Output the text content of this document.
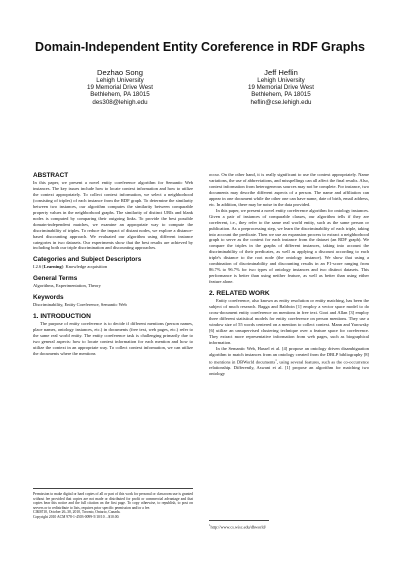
Domain-Independent Entity Coreference in RDF Graphs
Dezhao Song
Lehigh University
19 Memorial Drive West
Bethlehem, PA 18015
des308@lehigh.edu
Jeff Heflin
Lehigh University
19 Memorial Drive West
Bethlehem, PA 18015
heflin@cse.lehigh.edu
ABSTRACT

In this paper, we present a novel entity coreference algorithm for Semantic Web instances. The key issues include how to locate context information and how to utilize the context appropriately. To collect context information, we select a neighborhood (consisting of triples) of each instance from the RDF graph. To determine the similarity between two instances, our algorithm computes the similarity between comparable property values in the neighborhood graphs. The similarity of distinct URIs and blank nodes is computed by comparing their outgoing links. To provide the best possible domain-independent matches, we examine an appropriate way to compute the discriminability of triples. To reduce the impact of distant nodes, we explore a distance-based discounting approach. We evaluated our algorithm using different instance categories in two datasets. Our experiments show that the best results are achieved by including both our triple discrimination and discounting approaches.

Categories and Subject Descriptors

I.2.6 [Learning]: Knowledge acquisition

General Terms

Algorithms, Experimentation, Theory

Keywords

Discriminability, Entity Coreference, Semantic Web

1. INTRODUCTION

The purpose of entity coreference is to decide if different mentions (person names, place names, ontology instances, etc.) in documents (free text, web pages, etc.) refer to the same real world entity. The entity coreference task is challenging primarily due to two general aspects: how to locate context information for each mention and how to utilize the context in an appropriate way. To collect context information, we can utilize the documents where the mentions

Permission to make digital or hard copies of all or part of this work for personal or classroom use is granted without fee provided that copies are not made or distributed for profit or commercial advantage and that copies bear this notice and the full citation on the first page. To copy otherwise, to republish, to post on servers or to redistribute to lists, requires prior specific permission and/or a fee.

CIKM'10, October 26–30, 2010, Toronto, Ontario, Canada.

Copyright 2010 ACM 978-1-4503-0099-5/10/10 ...$10.00.

occur. On the other hand, it is really significant to use the context appropriately. Name variations, the use of abbreviations, and misspellings can all affect the final results. Also, context information from heterogeneous sources may not be complete. For instance, two documents may describe different aspects of a person. The name and affiliation can appear in one document while the other one can have name, date of birth, email address, etc. In addition, there may be noise in the data provided.

In this paper, we present a novel entity coreference algorithm for ontology instances. Given a pair of instances of comparable classes, our algorithm tells if they are coreferent, i.e., they refer to the same real world entity, such as the same person or publication. As a preprocessing step, we learn the discriminability of each triple, taking into account the predicate. Then we use an expansion process to extract a neighborhood graph to serve as the context for each instance from the dataset (an RDF graph). We compare the triples in the graphs of different instances, taking into account the discriminability of their predicates, as well as applying a discount according to each triple's distance to the root node (the ontology instance). We show that using a combination of discriminability and discounting results in an F1-score ranging from 86.7% to 96.7% for two types of ontology instances and two distinct datasets. This performance is better than using neither feature, as well as better than using either feature alone.

2. RELATED WORK

Entity coreference, also known as entity resolution or entity matching, has been the subject of much research. Bagga and Baldwin [1] employ a vector space model to do cross-document entity coreference on mentions in free text. Gooi and Allan [3] employ three different statistical models for entity coreference on person mentions. They use a window size of 55 words centered on a mention to collect context. Mann and Yarowsky [6] utilize an unsupervised clustering technique over a feature space for coreference. They extract more representative information from web pages, such as biographical information.

In the Semantic Web, Hassel et al. [4] propose an ontology driven disambiguation algorithm to match instances from an ontology created from the DBLP bibliography [8] to mentions in DBWorld documents$^1$, using several features, such as the co-occurrence relationship. Differently, Aswani et al. [1] propose an algorithm for matching two ontology

$^1$http://www.cs.wisc.edu/dbworld/
